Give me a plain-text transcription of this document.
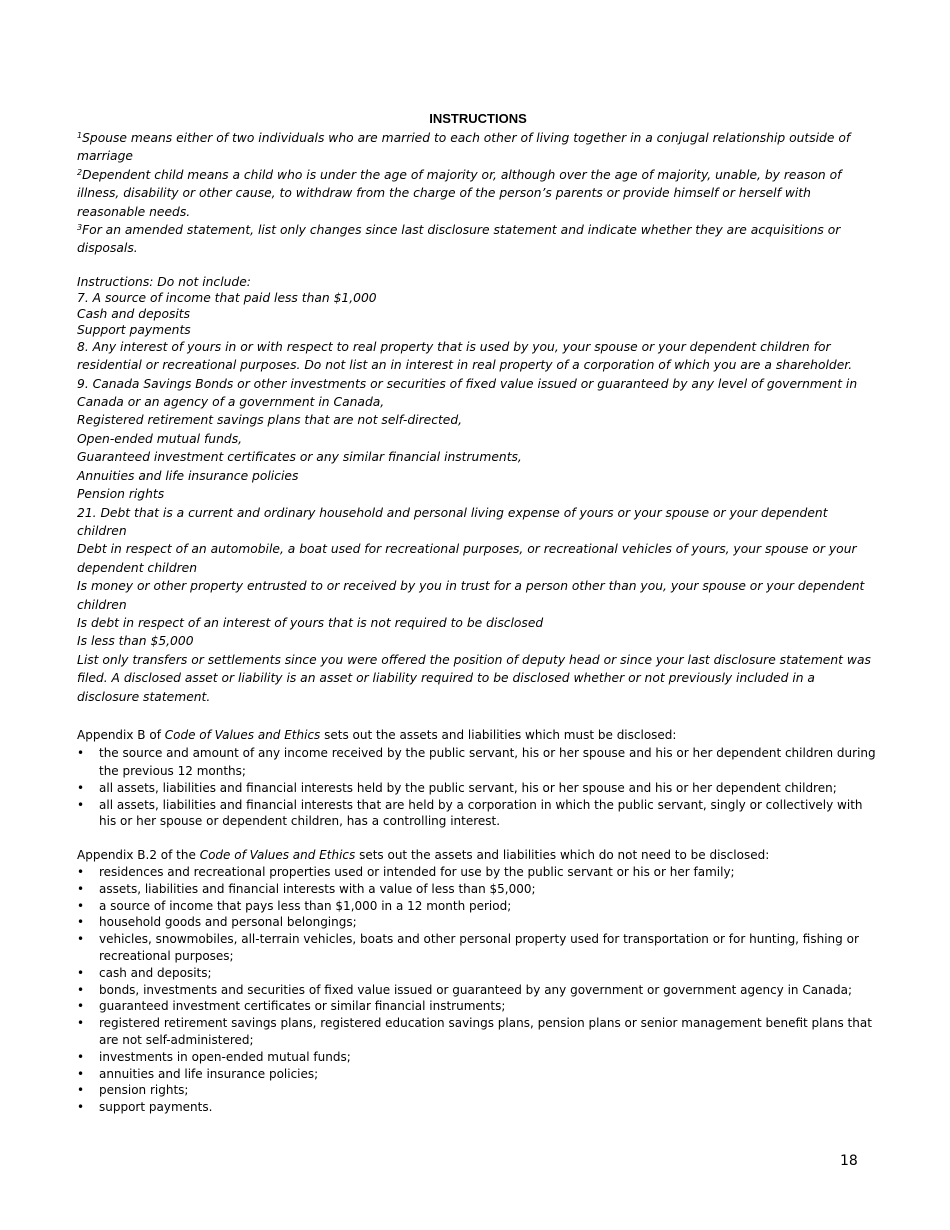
INSTRUCTIONS

$^1$Spouse means either of two individuals who are married to each other of living together in a conjugal relationship outside of marriage

$^2$Dependent child means a child who is under the age of majority or, although over the age of majority, unable, by reason of illness, disability or other cause, to withdraw from the charge of the person’s parents or provide himself or herself with reasonable needs.

$^3$For an amended statement, list only changes since last disclosure statement and indicate whether they are acquisitions or disposals.

Instructions: Do not include:

7. A source of income that paid less than $1,000

Cash and deposits

Support payments

8. Any interest of yours in or with respect to real property that is used by you, your spouse or your dependent children for residential or recreational purposes. Do not list an in interest in real property of a corporation of which you are a shareholder.

9. Canada Savings Bonds or other investments or securities of fixed value issued or guaranteed by any level of government in Canada or an agency of a government in Canada,

Registered retirement savings plans that are not self-directed,

Open-ended mutual funds,

Guaranteed investment certificates or any similar financial instruments,

Annuities and life insurance policies

Pension rights

21. Debt that is a current and ordinary household and personal living expense of yours or your spouse or your dependent children

Debt in respect of an automobile, a boat used for recreational purposes, or recreational vehicles of yours, your spouse or your dependent children

Is money or other property entrusted to or received by you in trust for a person other than you, your spouse or your dependent children

Is debt in respect of an interest of yours that is not required to be disclosed

Is less than $5,000

List only transfers or settlements since you were offered the position of deputy head or since your last disclosure statement was filed. A disclosed asset or liability is an asset or liability required to be disclosed whether or not previously included in a disclosure statement.

Appendix B of Code of Values and Ethics sets out the assets and liabilities which must be disclosed:

• the source and amount of any income received by the public servant, his or her spouse and his or her dependent children during the previous 12 months;

• all assets, liabilities and financial interests held by the public servant, his or her spouse and his or her dependent children;

• all assets, liabilities and financial interests that are held by a corporation in which the public servant, singly or collectively with his or her spouse or dependent children, has a controlling interest.

Appendix B.2 of the Code of Values and Ethics sets out the assets and liabilities which do not need to be disclosed:

• residences and recreational properties used or intended for use by the public servant or his or her family;

• assets, liabilities and financial interests with a value of less than $5,000;

• a source of income that pays less than $1,000 in a 12 month period;

• household goods and personal belongings;

• vehicles, snowmobiles, all-terrain vehicles, boats and other personal property used for transportation or for hunting, fishing or recreational purposes;

• cash and deposits;

• bonds, investments and securities of fixed value issued or guaranteed by any government or government agency in Canada;

• guaranteed investment certificates or similar financial instruments;

• registered retirement savings plans, registered education savings plans, pension plans or senior management benefit plans that are not self-administered;

• investments in open-ended mutual funds;

• annuities and life insurance policies;

• pension rights;

• support payments.

18
